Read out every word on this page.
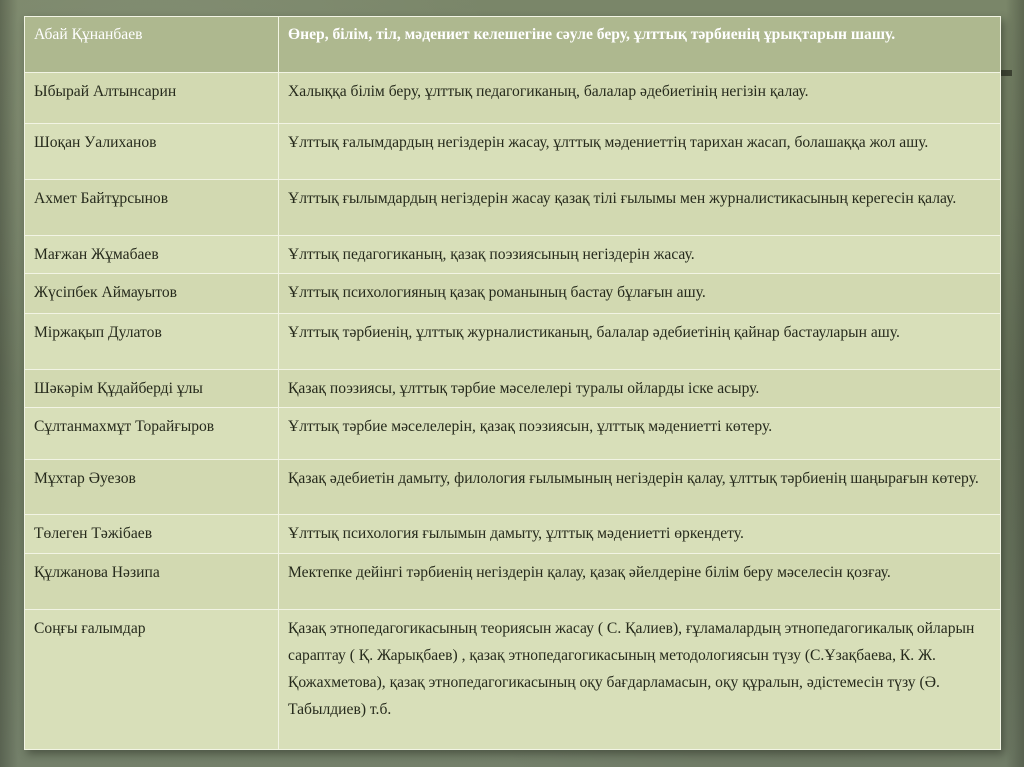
Абай Құнанбаев	Өнер, білім, тіл, мәдениет келешегіне сәуле беру, ұлттық тәрбиенің ұрықтарын шашу.
Ыбырай Алтынсарин	Халыққа білім беру, ұлттық педагогиканың, балалар әдебиетінің негізін қалау.
Шоқан Уалиханов	Ұлттық ғалымдардың негіздерін жасау, ұлттық мәдениеттің тарихан жасап, болашаққа жол ашу.
Ахмет Байтұрсынов	Ұлттық ғылымдардың негіздерін жасау қазақ тілі ғылымы мен журналистикасының керегесін қалау.
Мағжан Жұмабаев	Ұлттық педагогиканың, қазақ поэзиясының негіздерін жасау.
Жүсіпбек Аймауытов	Ұлттық психологияның қазақ романының бастау бұлағын ашу.
Міржақып Дулатов	Ұлттық тәрбиенің, ұлттық журналистиканың, балалар әдебиетінің қайнар бастауларын ашу.
Шәкәрім Құдайберді ұлы	Қазақ поэзиясы, ұлттық тәрбие мәселелері туралы ойларды іске асыру.
Сұлтанмахмұт Торайғыров	Ұлттық тәрбие мәселелерін, қазақ поэзиясын, ұлттық мәдениетті көтеру.
Мұхтар Әуезов	Қазақ әдебиетін дамыту, филология ғылымының негіздерін қалау, ұлттық тәрбиенің шаңырағын көтеру.
Төлеген Тәжібаев	Ұлттық психология ғылымын дамыту, ұлттық мәдениетті өркендету.
Құлжанова Нәзипа	Мектепке дейінгі тәрбиенің негіздерін қалау, қазақ әйелдеріне білім беру мәселесін қозғау.
Соңғы ғалымдар	Қазақ этнопедагогикасының теориясын жасау ( С. Қалиев), ғұламалардың этнопедагогикалық ойларын сараптау ( Қ. Жарықбаев) , қазақ этнопедагогикасының методологиясын түзу (С.Ұзақбаева, К. Ж. Қожахметова), қазақ этнопедагогикасының оқу бағдарламасын, оқу құралын, әдістемесін түзу (Ә. Табылдиев) т.б.
